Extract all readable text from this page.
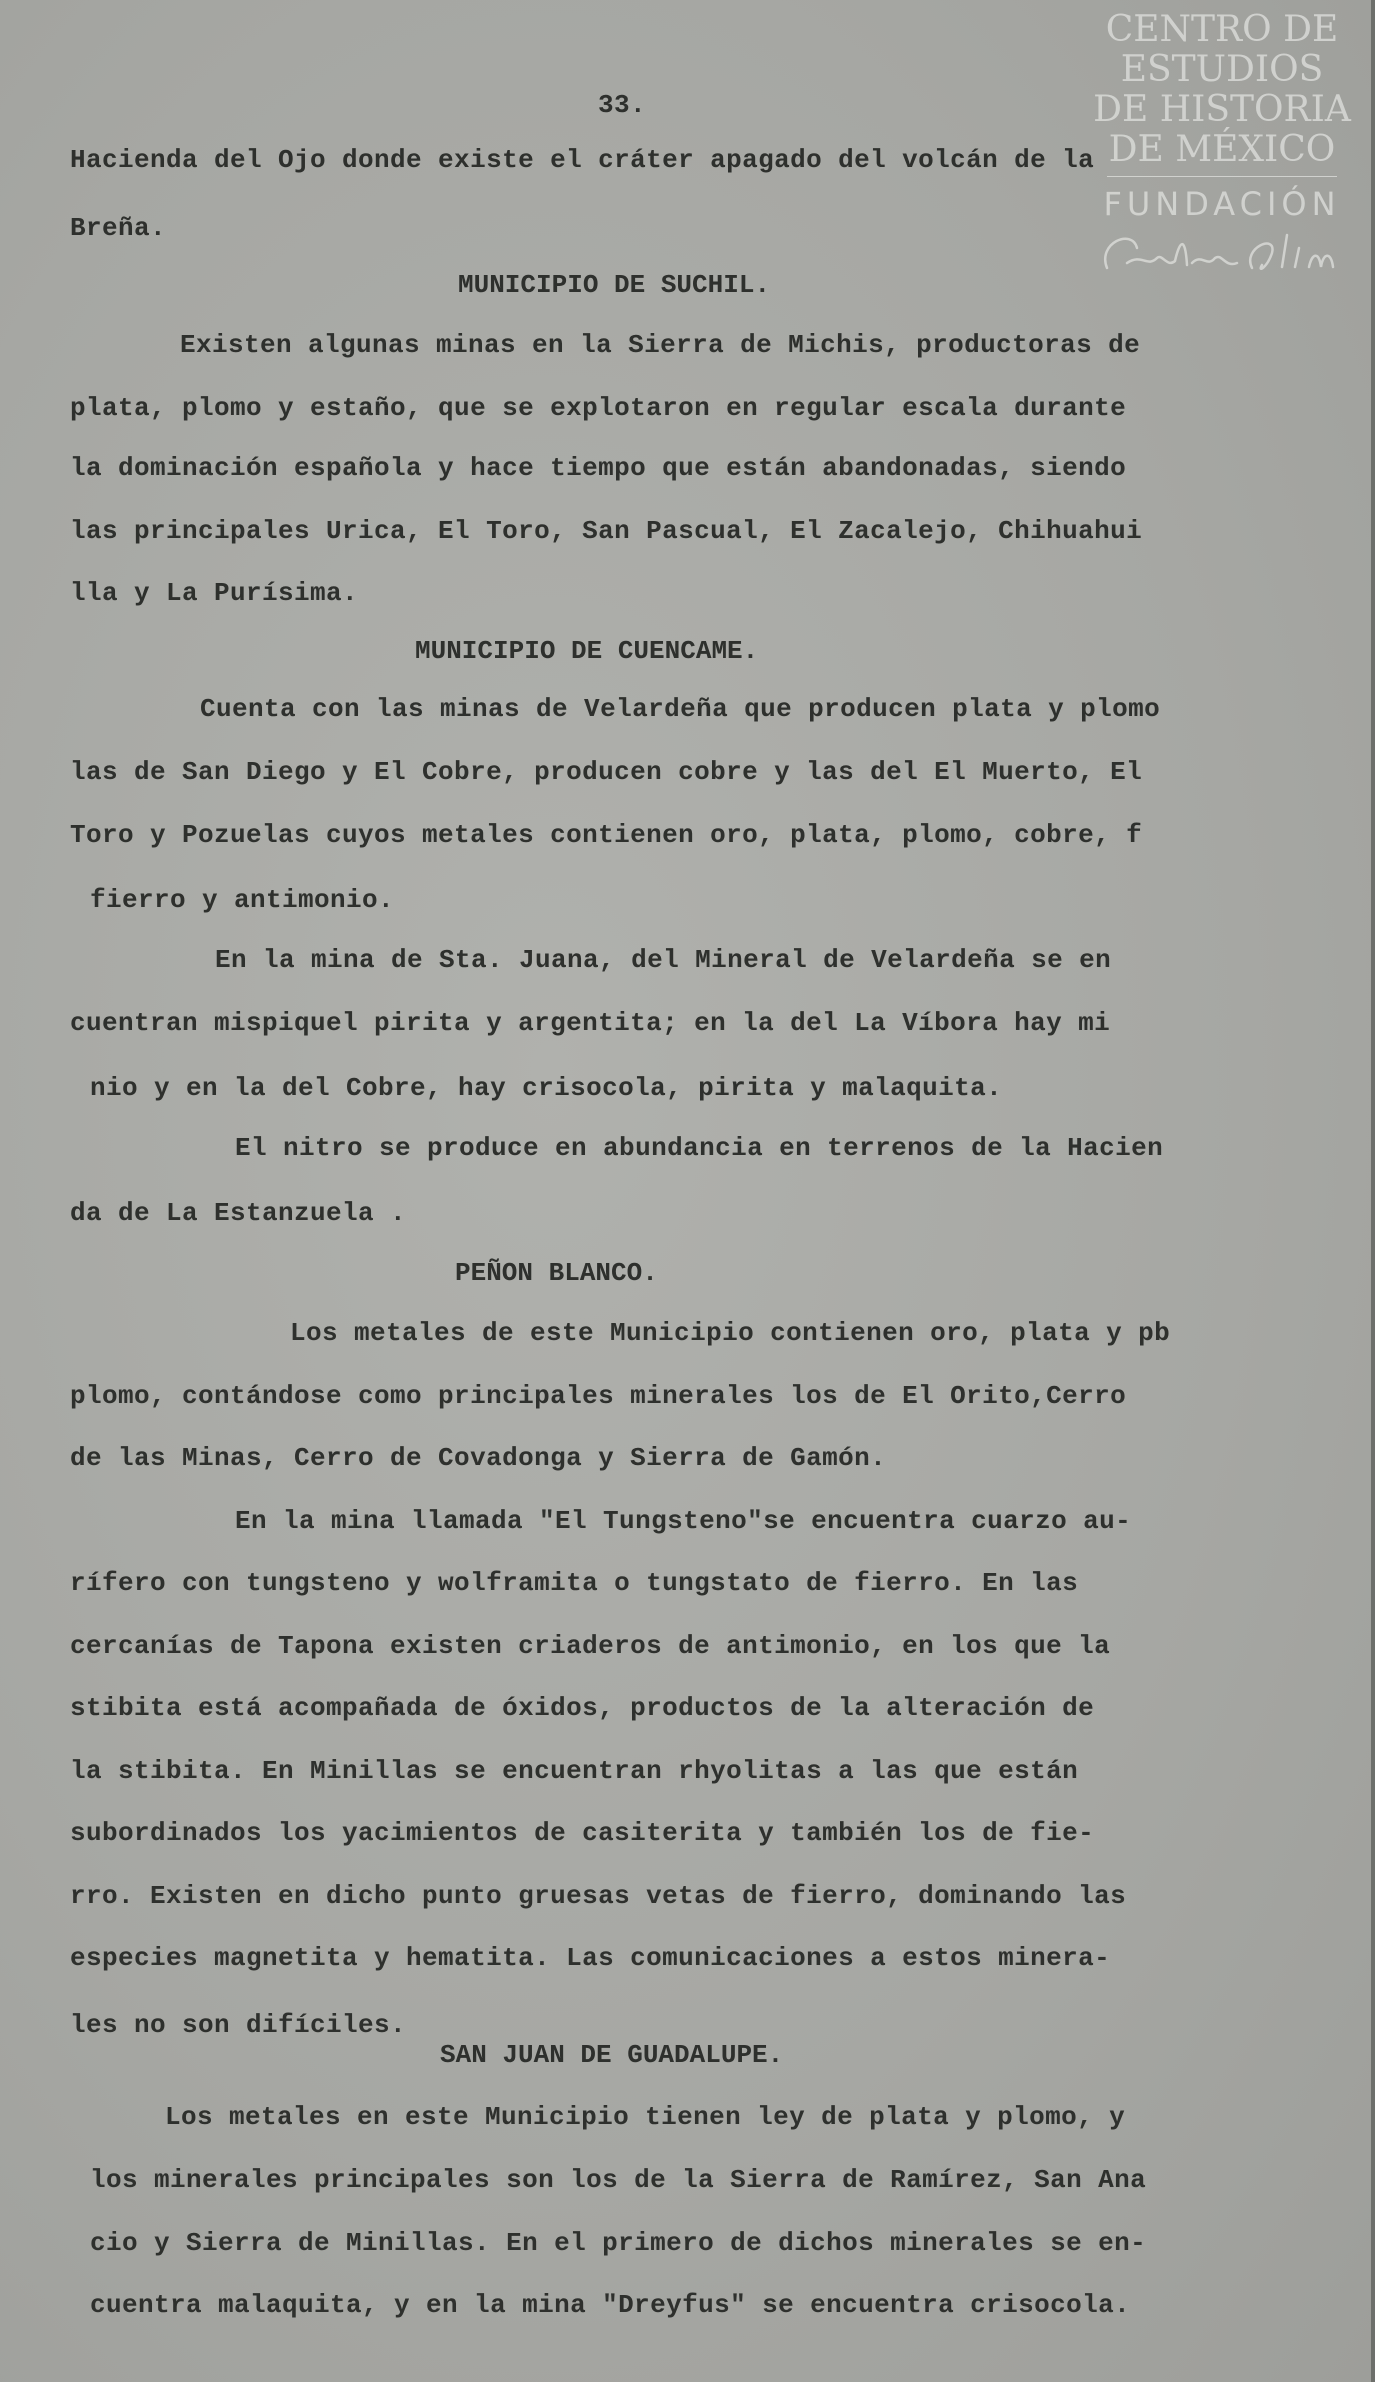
CENTRO DE
ESTUDIOS
DE HISTORIA
DE MÉXICO
FUNDACIÓN
33.
Hacienda del Ojo donde existe el cráter apagado del volcán de la
Breña.
MUNICIPIO DE SUCHIL.
Existen algunas minas en la Sierra de Michis, productoras de
plata, plomo y estaño, que se explotaron en regular escala durante
la dominación española y hace tiempo que están abandonadas, siendo
las principales Urica, El Toro, San Pascual, El Zacalejo, Chihuahui
lla y La Purísima.
MUNICIPIO DE CUENCAME.
Cuenta con las minas de Velardeña que producen plata y plomo
las de San Diego y El Cobre, producen cobre y las del El Muerto, El
Toro y Pozuelas cuyos metales contienen oro, plata, plomo, cobre, f
fierro y antimonio.
En la mina de Sta. Juana, del Mineral de Velardeña se en
cuentran mispiquel pirita y argentita; en la del La Víbora hay mi
nio y en la del Cobre, hay crisocola, pirita y malaquita.
El nitro se produce en abundancia en terrenos de la Hacien
da de La Estanzuela .
PEÑON BLANCO.
Los metales de este Municipio contienen oro, plata y pb
plomo, contándose como principales minerales los de El Orito,Cerro
de las Minas, Cerro de Covadonga y Sierra de Gamón.
En la mina llamada "El Tungsteno"se encuentra cuarzo au-
rífero con tungsteno y wolframita o tungstato de fierro. En las
cercanías de Tapona existen criaderos de antimonio, en los que la
stibita está acompañada de óxidos, productos de la alteración de
la stibita. En Minillas se encuentran rhyolitas a las que están
subordinados los yacimientos de casiterita y también los de fie-
rro. Existen en dicho punto gruesas vetas de fierro, dominando las
especies magnetita y hematita. Las comunicaciones a estos minera-
les no son difíciles.
SAN JUAN DE GUADALUPE.
Los metales en este Municipio tienen ley de plata y plomo, y
los minerales principales son los de la Sierra de Ramírez, San Ana
cio y Sierra de Minillas. En el primero de dichos minerales se en-
cuentra malaquita, y en la mina "Dreyfus" se encuentra crisocola.
